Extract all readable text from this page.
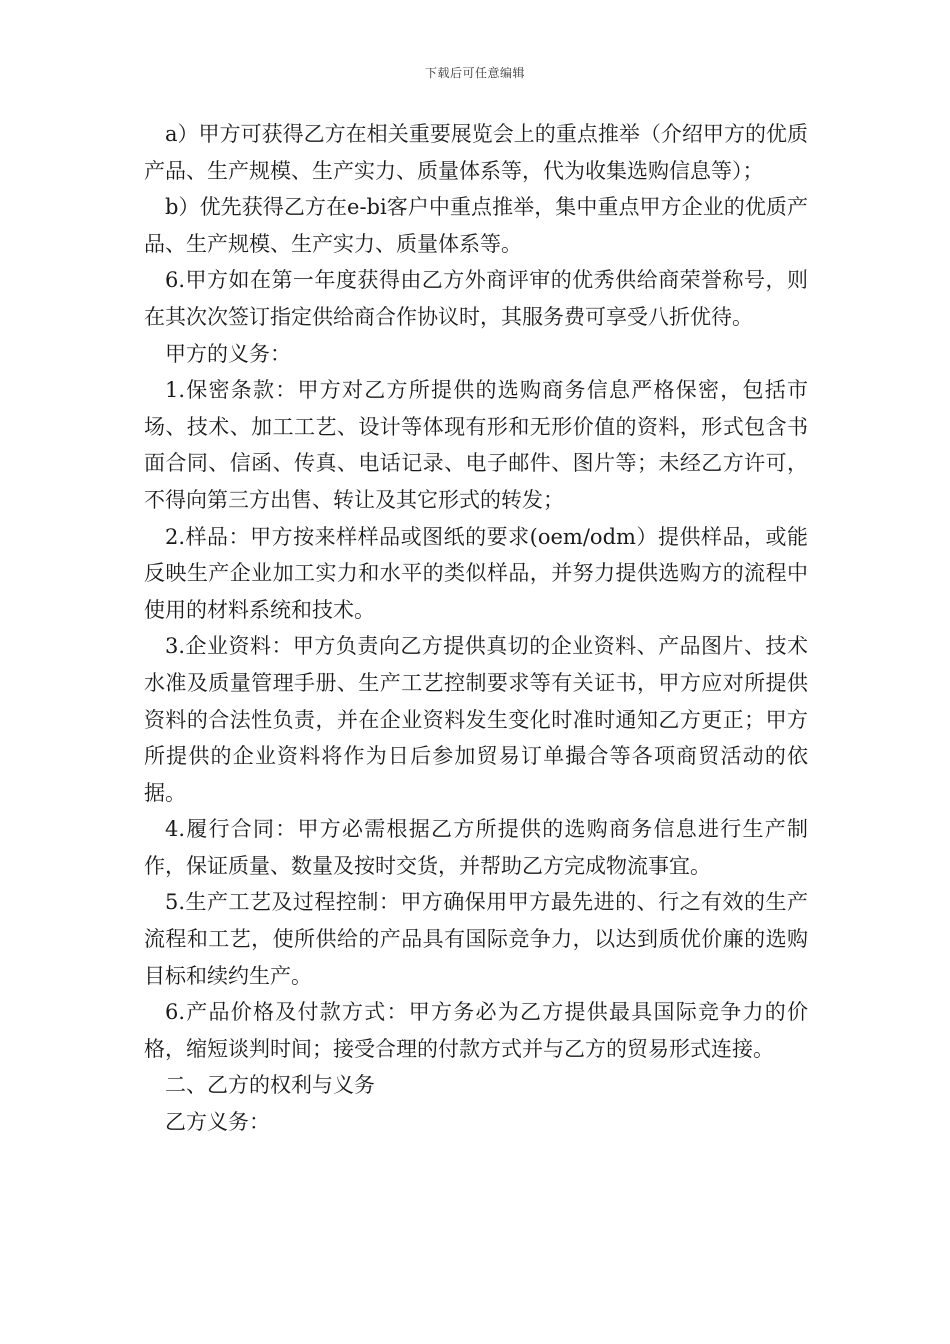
下载后可任意编辑

a）甲方可获得乙方在相关重要展览会上的重点推举（介绍甲方的优质产品、生产规模、生产实力、质量体系等，代为收集选购信息等）；

b）优先获得乙方在e-bi客户中重点推举，集中重点甲方企业的优质产品、生产规模、生产实力、质量体系等。

6.甲方如在第一年度获得由乙方外商评审的优秀供给商荣誉称号，则在其次次签订指定供给商合作协议时，其服务费可享受八折优待。

甲方的义务：

1.保密条款：甲方对乙方所提供的选购商务信息严格保密，包括市场、技术、加工工艺、设计等体现有形和无形价值的资料，形式包含书面合同、信函、传真、电话记录、电子邮件、图片等；未经乙方许可，不得向第三方出售、转让及其它形式的转发；

2.样品：甲方按来样样品或图纸的要求(oem/odm）提供样品，或能反映生产企业加工实力和水平的类似样品，并努力提供选购方的流程中使用的材料系统和技术。

3.企业资料：甲方负责向乙方提供真切的企业资料、产品图片、技术水准及质量管理手册、生产工艺控制要求等有关证书，甲方应对所提供资料的合法性负责，并在企业资料发生变化时准时通知乙方更正；甲方所提供的企业资料将作为日后参加贸易订单撮合等各项商贸活动的依据。

4.履行合同：甲方必需根据乙方所提供的选购商务信息进行生产制作，保证质量、数量及按时交货，并帮助乙方完成物流事宜。

5.生产工艺及过程控制：甲方确保用甲方最先进的、行之有效的生产流程和工艺，使所供给的产品具有国际竞争力，以达到质优价廉的选购目标和续约生产。

6.产品价格及付款方式：甲方务必为乙方提供最具国际竞争力的价格，缩短谈判时间；接受合理的付款方式并与乙方的贸易形式连接。

二、乙方的权利与义务

乙方义务：
